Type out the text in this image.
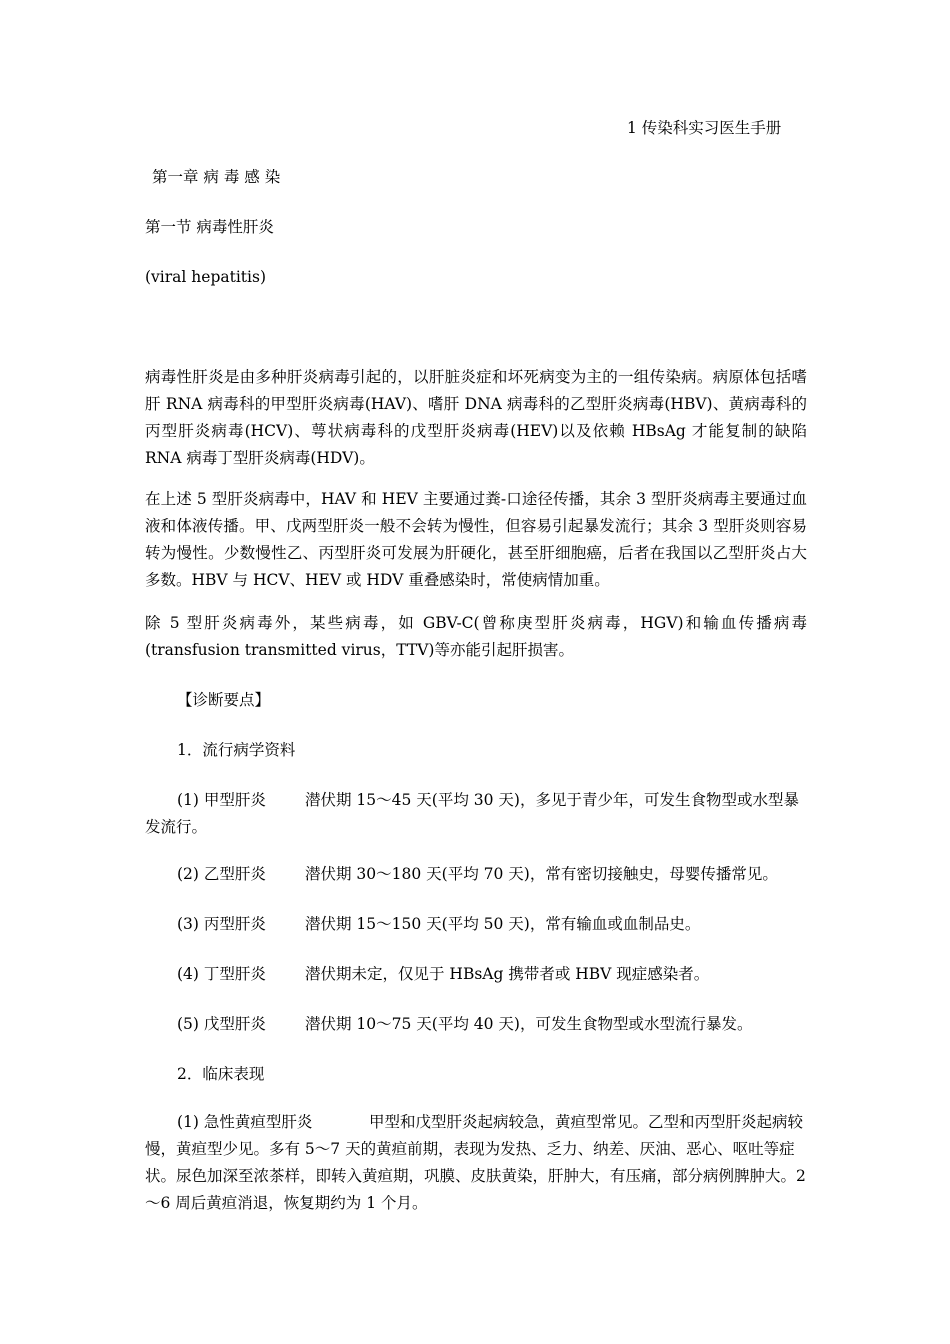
1 传染科实习医生手册
第一章 病 毒 感 染
第一节 病毒性肝炎
(viral hepatitis)
病毒性肝炎是由多种肝炎病毒引起的，以肝脏炎症和坏死病变为主的一组传染病。病原体包括嗜肝 RNA 病毒科的甲型肝炎病毒(HAV)、嗜肝 DNA 病毒科的乙型肝炎病毒(HBV)、黄病毒科的丙型肝炎病毒(HCV)、萼状病毒科的戊型肝炎病毒(HEV)以及依赖 HBsAg 才能复制的缺陷 RNA 病毒丁型肝炎病毒(HDV)。
在上述 5 型肝炎病毒中，HAV 和 HEV 主要通过粪-口途径传播，其余 3 型肝炎病毒主要通过血液和体液传播。甲、戊两型肝炎一般不会转为慢性，但容易引起暴发流行；其余 3 型肝炎则容易转为慢性。少数慢性乙、丙型肝炎可发展为肝硬化，甚至肝细胞癌，后者在我国以乙型肝炎占大多数。HBV 与 HCV、HEV 或 HDV 重叠感染时，常使病情加重。
除 5 型肝炎病毒外，某些病毒，如 GBV-C(曾称庚型肝炎病毒，HGV)和输血传播病毒(transfusion transmitted virus，TTV)等亦能引起肝损害。
【诊断要点】
1．流行病学资料
(1) 甲型肝炎	潜伏期 15～45 天(平均 30 天)，多见于青少年，可发生食物型或水型暴发流行。
(2) 乙型肝炎	潜伏期 30～180 天(平均 70 天)，常有密切接触史，母婴传播常见。
(3) 丙型肝炎	潜伏期 15～150 天(平均 50 天)，常有输血或血制品史。
(4) 丁型肝炎	潜伏期未定，仅见于 HBsAg 携带者或 HBV 现症感染者。
(5) 戊型肝炎	潜伏期 10～75 天(平均 40 天)，可发生食物型或水型流行暴发。
2．临床表现
(1) 急性黄疸型肝炎	甲型和戊型肝炎起病较急，黄疸型常见。乙型和丙型肝炎起病较慢，黄疸型少见。多有 5～7 天的黄疸前期，表现为发热、乏力、纳差、厌油、恶心、呕吐等症状。尿色加深至浓茶样，即转入黄疸期，巩膜、皮肤黄染，肝肿大，有压痛，部分病例脾肿大。2～6 周后黄疸消退，恢复期约为 1 个月。
